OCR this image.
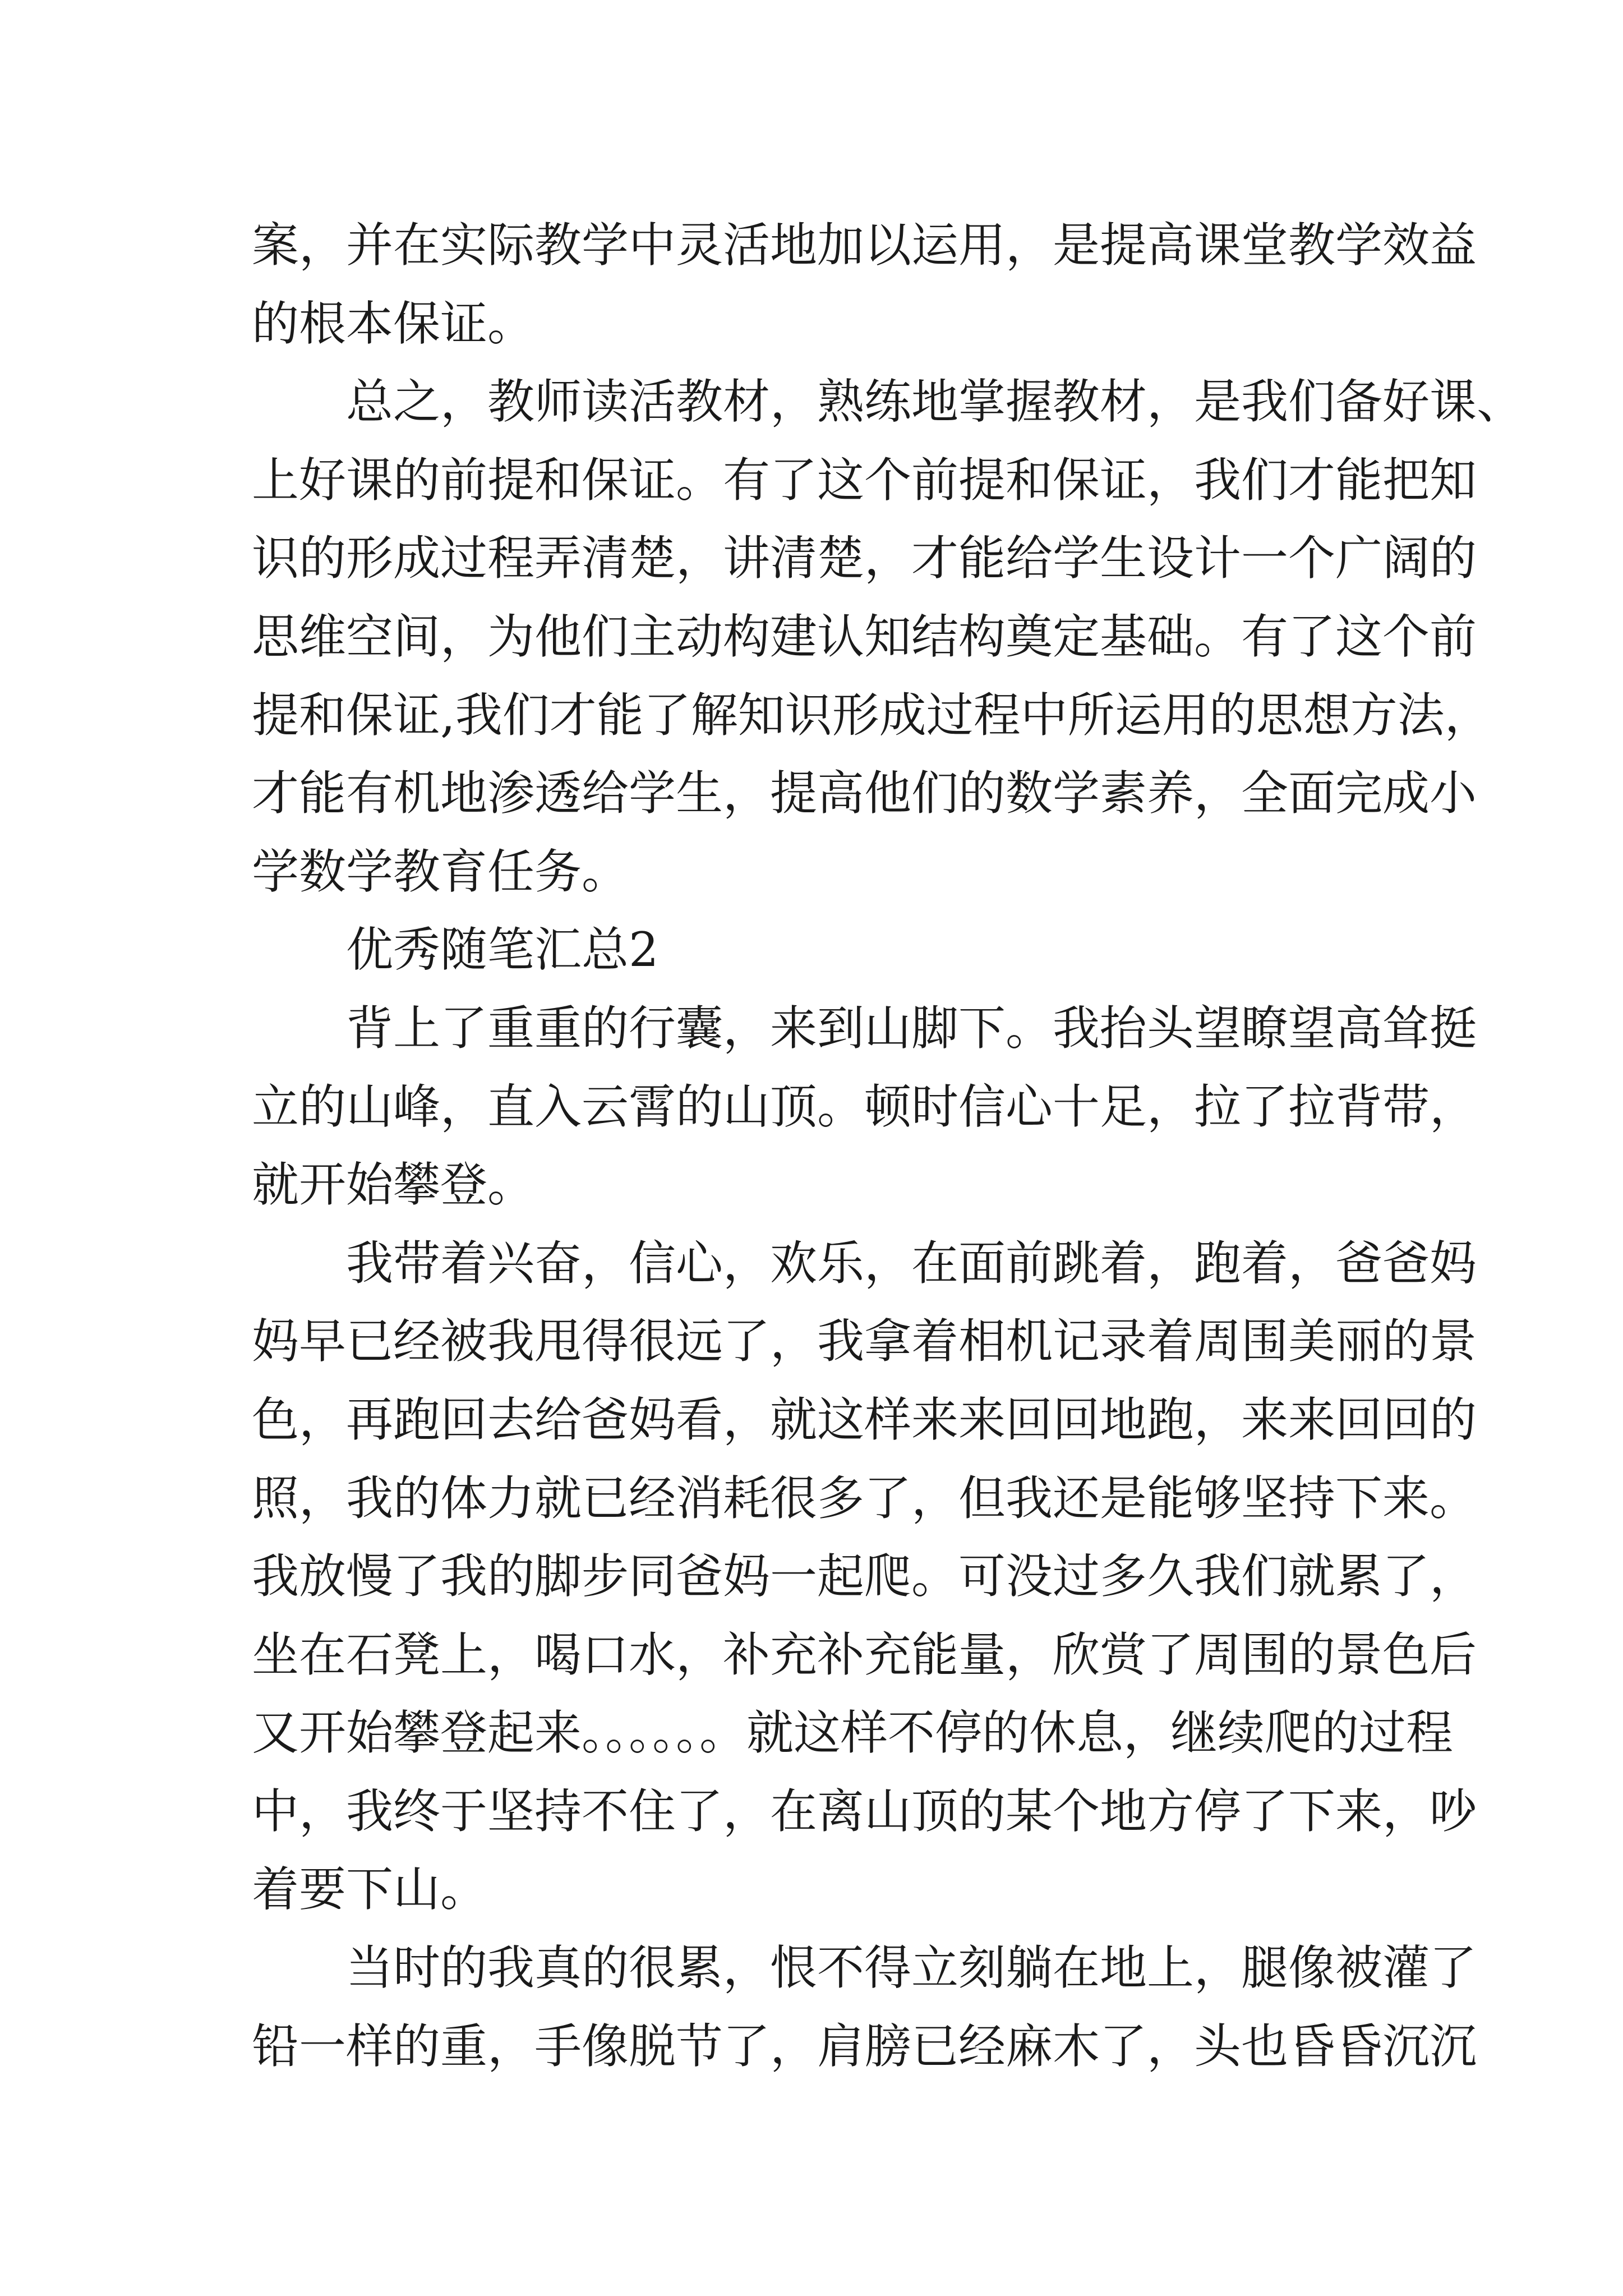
案，并在实际教学中灵活地加以运用，是提高课堂教学效益
的根本保证。
总之，教师读活教材，熟练地掌握教材，是我们备好课、
上好课的前提和保证。有了这个前提和保证，我们才能把知
识的形成过程弄清楚，讲清楚，才能给学生设计一个广阔的
思维空间，为他们主动构建认知结构奠定基础。有了这个前
提和保证,我们才能了解知识形成过程中所运用的思想方法，
才能有机地渗透给学生，提高他们的数学素养，全面完成小
学数学教育任务。
优秀随笔汇总2
背上了重重的行囊，来到山脚下。我抬头望瞭望高耸挺
立的山峰，直入云霄的山顶。顿时信心十足，拉了拉背带，
就开始攀登。
我带着兴奋，信心，欢乐，在面前跳着，跑着，爸爸妈
妈早已经被我甩得很远了，我拿着相机记录着周围美丽的景
色，再跑回去给爸妈看，就这样来来回回地跑，来来回回的
照，我的体力就已经消耗很多了，但我还是能够坚持下来。
我放慢了我的脚步同爸妈一起爬。可没过多久我们就累了，
坐在石凳上，喝口水，补充补充能量，欣赏了周围的景色后
又开始攀登起来。。。。。。就这样不停的休息，继续爬的过程
中，我终于坚持不住了，在离山顶的某个地方停了下来，吵
着要下山。
当时的我真的很累，恨不得立刻躺在地上，腿像被灌了
铅一样的重，手像脱节了，肩膀已经麻木了，头也昏昏沉沉
